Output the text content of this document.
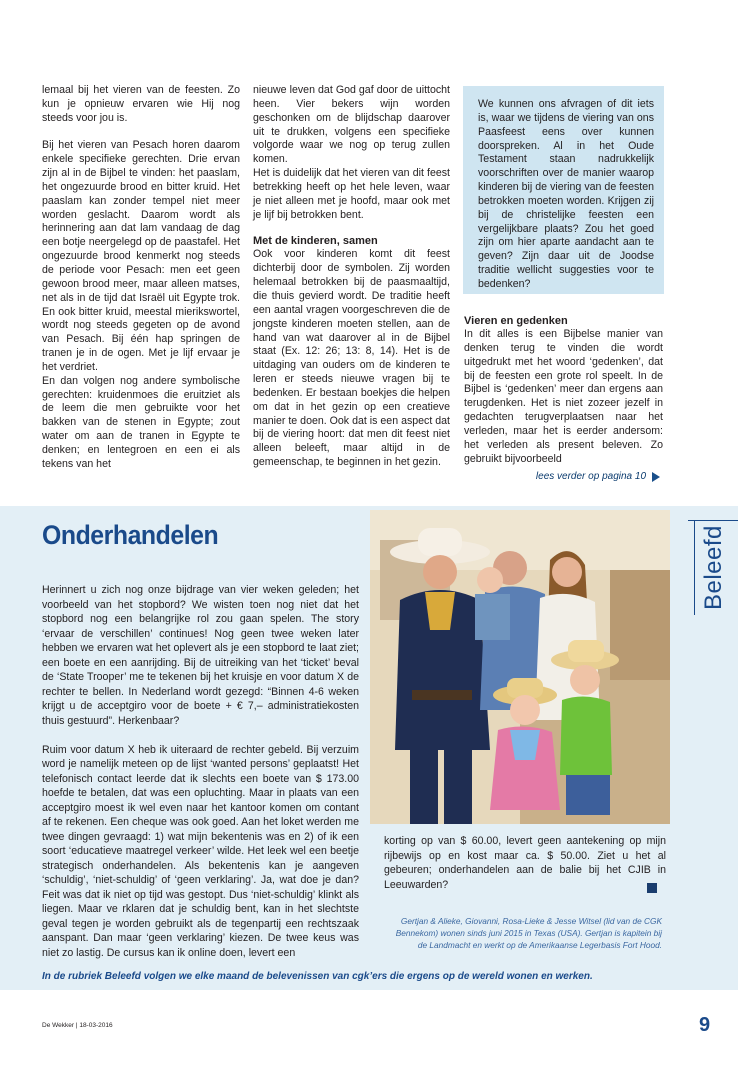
lemaal bij het vieren van de feesten. Zo kun je opnieuw ervaren wie Hij nog steeds voor jou is.

Bij het vieren van Pesach horen daarom enkele specifieke gerechten. Drie ervan zijn al in de Bijbel te vinden: het paaslam, het ongezuurde brood en bitter kruid. Het paaslam kan zonder tempel niet meer worden geslacht. Daarom wordt als herinnering aan dat lam vandaag de dag een botje neergelegd op de paastafel. Het ongezuurde brood kenmerkt nog steeds de periode voor Pesach: men eet geen gewoon brood meer, maar alleen matses, net als in de tijd dat Israël uit Egypte trok. En ook bitter kruid, meestal mierikswortel, wordt nog steeds gegeten op de avond van Pesach. Bij één hap springen de tranen je in de ogen. Met je lijf ervaar je het verdriet.

En dan volgen nog andere symbolische gerechten: kruidenmoes die eruitziet als de leem die men gebruikte voor het bakken van de stenen in Egypte; zout water om aan de tranen in Egypte te denken; en lentegroen en een ei als tekens van het

nieuwe leven dat God gaf door de uittocht heen. Vier bekers wijn worden geschonken om de blijdschap daarover uit te drukken, volgens een specifieke volgorde waar we nog op terug zullen komen.

Het is duidelijk dat het vieren van dit feest betrekking heeft op het hele leven, waar je niet alleen met je hoofd, maar ook met je lijf bij betrokken bent.

Met de kinderen, samen

Ook voor kinderen komt dit feest dichterbij door de symbolen. Zij worden helemaal betrokken bij de paasmaaltijd, die thuis gevierd wordt. De traditie heeft een aantal vragen voorgeschreven die de jongste kinderen moeten stellen, aan de hand van wat daarover al in de Bijbel staat (Ex. 12: 26; 13: 8, 14). Het is de uitdaging van ouders om de kinderen te leren er steeds nieuwe vragen bij te bedenken. Er bestaan boekjes die helpen om dat in het gezin op een creatieve manier te doen. Ook dat is een aspect dat bij de viering hoort: dat men dit feest niet alleen beleeft, maar altijd in de gemeenschap, te beginnen in het gezin.

We kunnen ons afvragen of dit iets is, waar we tijdens de viering van ons Paasfeest eens over kunnen doorspreken. Al in het Oude Testament staan nadrukkelijk voorschriften over de manier waarop kinderen bij de viering van de feesten betrokken moeten worden. Krijgen zij bij de christelijke feesten een vergelijkbare plaats? Zou het goed zijn om hier aparte aandacht aan te geven? Zijn daar uit de Joodse traditie wellicht suggesties voor te bedenken?

Vieren en gedenken

In dit alles is een Bijbelse manier van denken terug te vinden die wordt uitgedrukt met het woord ‘gedenken’, dat bij de feesten een grote rol speelt. In de Bijbel is ‘gedenken’ meer dan ergens aan terugdenken. Het is niet zozeer jezelf in gedachten terugverplaatsen naar het verleden, maar het is eerder andersom: het verleden als present beleven. Zo gebruikt bijvoorbeeld

lees verder op pagina 10
Onderhandelen	Beleefd

Herinnert u zich nog onze bijdrage van vier weken geleden; het voorbeeld van het stopbord? We wisten toen nog niet dat het stopbord nog een belangrijke rol zou gaan spelen. The story ‘ervaar de verschillen’ continues! Nog geen twee weken later hebben we ervaren wat het oplevert als je een stopbord te laat ziet; een boete en een aanrijding. Bij de uitreiking van het ‘ticket’ beval de ‘State Trooper’ me te tekenen bij het kruisje en voor datum X de rechter te bellen. In Nederland wordt gezegd: “Binnen 4-6 weken krijgt u de acceptgiro voor de boete + € 7,– administratiekosten thuis gestuurd”. Herkenbaar?

Ruim voor datum X heb ik uiteraard de rechter gebeld. Bij verzuim word je namelijk meteen op de lijst ‘wanted persons’ geplaatst! Het telefonisch contact leerde dat ik slechts een boete van $ 173.00 hoefde te betalen, dat was een opluchting. Maar in plaats van een acceptgiro moest ik wel even naar het kantoor komen om contant af te rekenen. Een cheque was ook goed. Aan het loket werden me twee dingen gevraagd: 1) wat mijn bekentenis was en 2) of ik een soort ‘educatieve maatregel verkeer’ wilde. Het leek wel een beetje strategisch onderhandelen. Als bekentenis kan je aangeven ‘schuldig’, ‘niet-schuldig’ of ‘geen verklaring’. Ja, wat doe je dan? Feit was dat ik niet op tijd was gestopt. Dus ‘niet-schuldig’ klinkt als liegen. Maar ve rklaren dat je schuldig bent, kan in het slechtste geval tegen je worden gebruikt als de tegenpartij een rechtszaak aanspant. Dan maar ‘geen verklaring’ kiezen. De twee keus was niet zo lastig. De cursus kan ik online doen, levert een

korting op van $ 60.00, levert geen aantekening op mijn rijbewijs op en kost maar ca. $ 50.00. Ziet u het al gebeuren; onderhandelen aan de balie bij het CJIB in Leeuwarden?

Gertjan & Alieke, Giovanni, Rosa-Lieke & Jesse Witsel (lid van de CGK Bennekom) wonen sinds juni 2015 in Texas (USA). Gertjan is kapitein bij de Landmacht en werkt op de Amerikaanse Legerbasis Fort Hood.
In de rubriek Beleefd volgen we elke maand de belevenissen van cgk’ers die ergens op de wereld wonen en werken.
De Wekker | 18-03-2016	9
